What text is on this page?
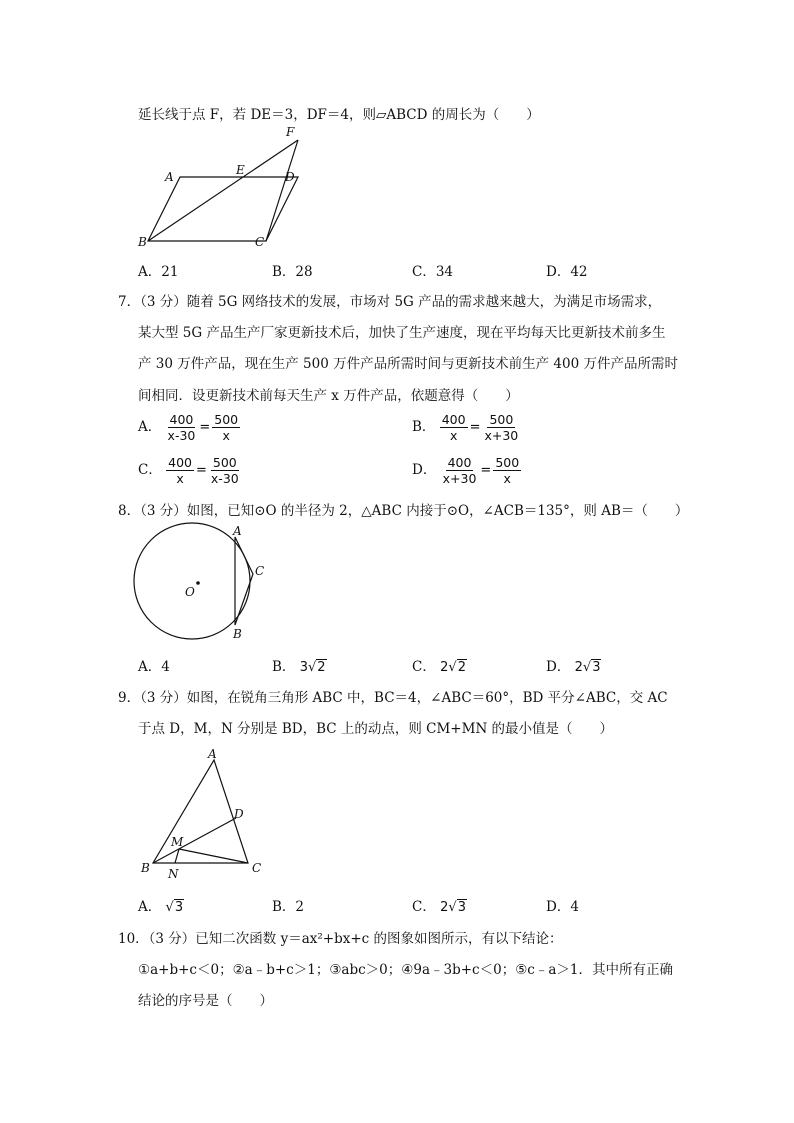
延长线于点 F，若 DE＝3，DF＝4，则▱ABCD 的周长为（　　）
A	E
F
D
B	C
A．21	B．28	C．34	D．42
7．（3 分）随着 5G 网络技术的发展，市场对 5G 产品的需求越来越大，为满足市场需求，
某大型 5G 产品生产厂家更新技术后，加快了生产速度，现在平均每天比更新技术前多生
产 30 万件产品，现在生产 500 万件产品所需时间与更新技术前生产 400 万件产品所需时
间相同．设更新技术前每天生产 x 万件产品，依题意得（　　）
A． $\frac{400}{x-30} = \frac{500}{x}$	B． $\frac{400}{x} = \frac{500}{x+30}$
C． $\frac{400}{x} = \frac{500}{x-30}$	D． $\frac{400}{x+30} = \frac{500}{x}$
8．（3 分）如图，已知⊙O 的半径为 2，△ABC 内接于⊙O，∠ACB＝135°，则 AB＝（　　）
O
A
C
B
A．4	B． 3√2	C． 2√2	D． 2√3
9．（3 分）如图，在锐角三角形 ABC 中，BC＝4，∠ABC＝60°，BD 平分∠ABC，交 AC
于点 D，M，N 分别是 BD，BC 上的动点，则 CM+MN 的最小值是（　　）
A
D
M
B	C
N
A． √3	B．2	C． 2√3	D．4
10．（3 分）已知二次函数 y＝ax²+bx+c 的图象如图所示，有以下结论：
①a+b+c＜0；②a﹣b+c＞1；③abc＞0；④9a﹣3b+c＜0；⑤c﹣a＞1．其中所有正确
结论的序号是（　　）
